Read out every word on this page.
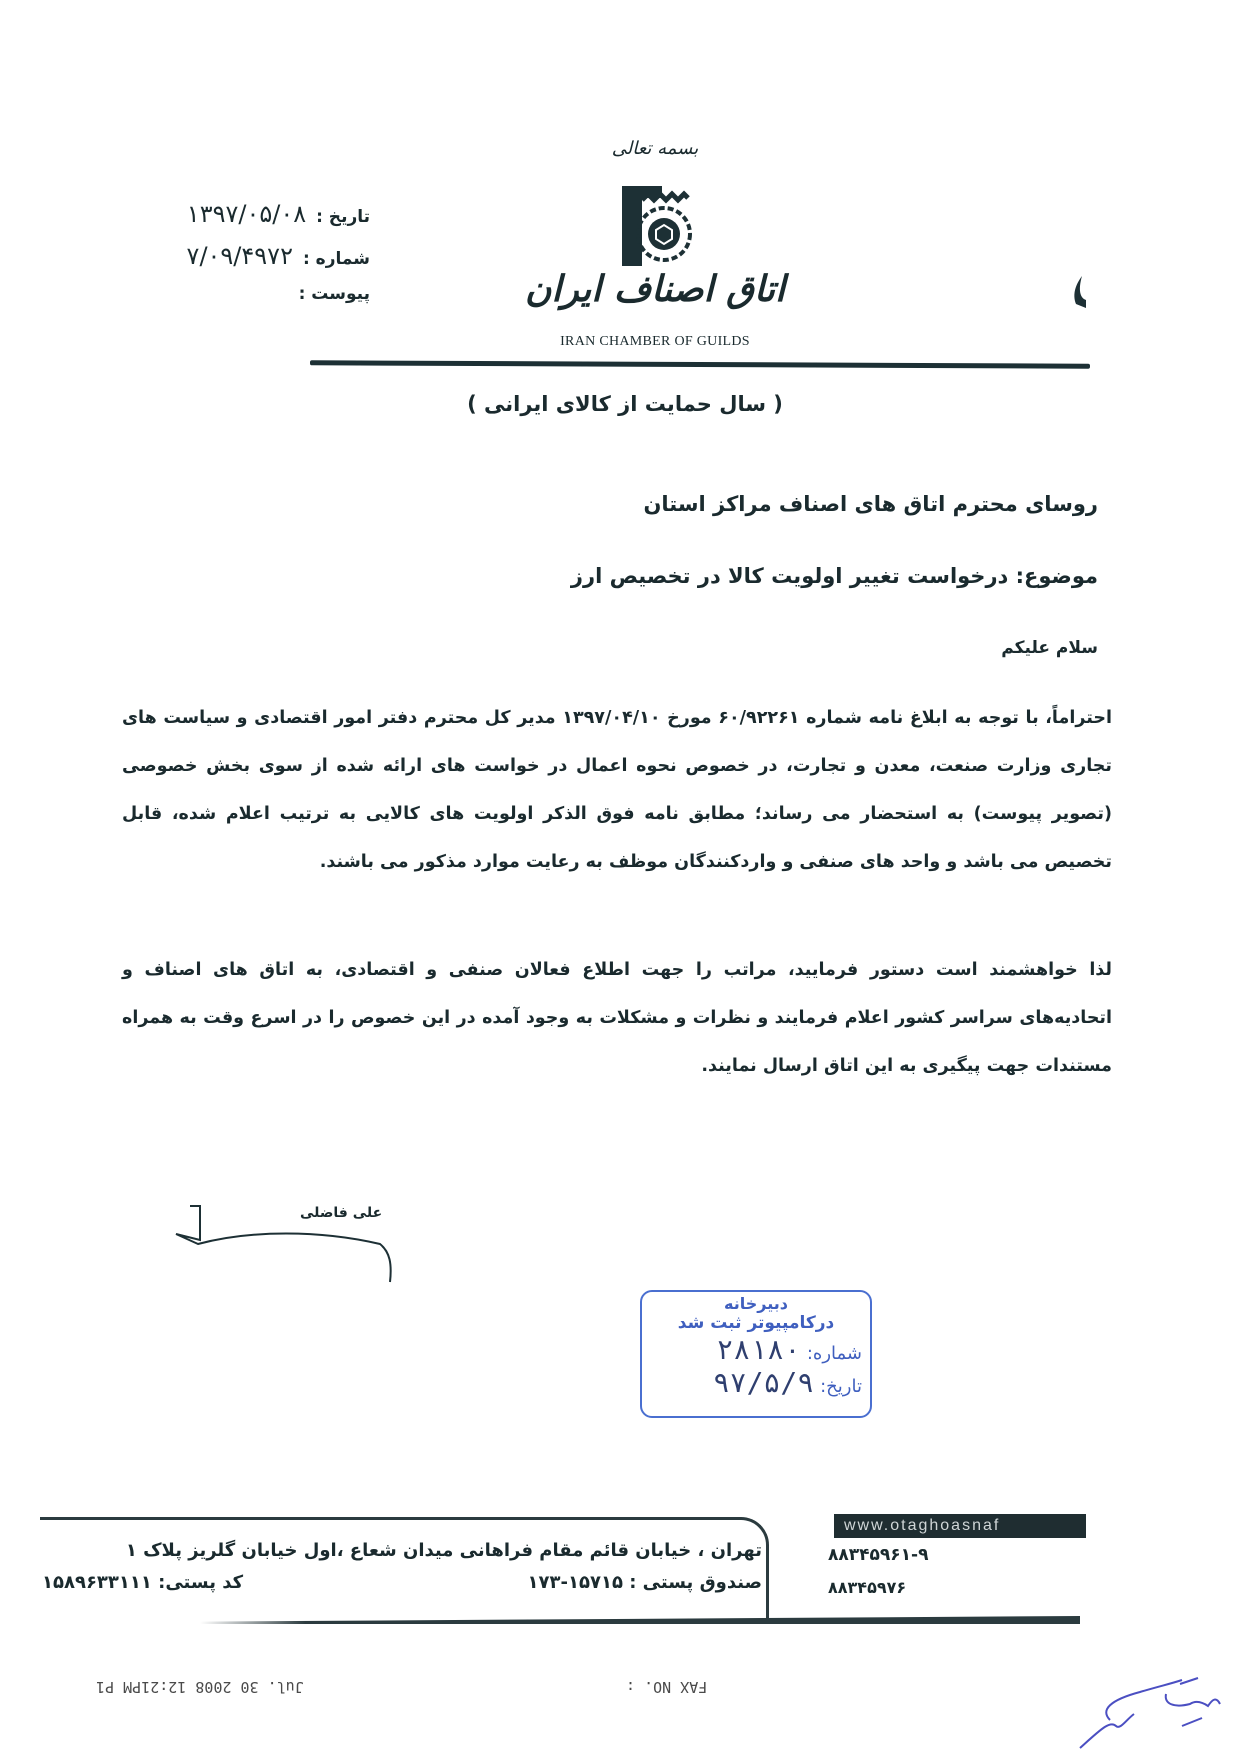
تاریخ :
۱۳۹۷/۰۵/۰۸
شماره :
۷/۰۹/۴۹۷۲
پیوست :
بسمه تعالی
اتاق اصناف ایران
IRAN CHAMBER OF GUILDS
( سال حمایت از کالای ایرانی )
روسای محترم اتاق های اصناف مراکز استان
موضوع: درخواست تغییر اولویت کالا در تخصیص ارز
سلام علیکم
احتراماً، با توجه به ابلاغ نامه شماره ۶۰/۹۲۲۶۱ مورخ ۱۳۹۷/۰۴/۱۰ مدیر کل محترم دفتر امور اقتصادی و سیاست های تجاری وزارت صنعت، معدن و تجارت، در خصوص نحوه اعمال در خواست های ارائه شده از سوی بخش خصوصی (تصویر پیوست) به استحضار می رساند؛ مطابق نامه فوق الذکر اولویت های کالایی به ترتیب اعلام شده، قابل تخصیص می باشد و واحد های صنفی و واردکنندگان موظف به رعایت موارد مذکور می باشند.
لذا خواهشمند است دستور فرمایید، مراتب را جهت اطلاع فعالان صنفی و اقتصادی، به اتاق های اصناف و اتحادیه‌های سراسر کشور اعلام فرمایند و نظرات و مشکلات به وجود آمده در این خصوص را در اسرع وقت به همراه مستندات جهت پیگیری به این اتاق ارسال نمایند.
علی فاضلی
دبیرخانه
درکامپیوتر ثبت شد
شماره:
۲۸۱۸۰
تاریخ:
۹۷/۵/۹
تهران ، خیابان قائم مقام فراهانی میدان شعاع ،اول خیابان گلریز پلاک ۱
صندوق پستی : ۱۵۷۱۵-۱۷۳
کد پستی: ۱۵۸۹۶۳۳۱۱۱
www.otaghoasnaf
۸۸۳۴۵۹۶۱-۹
۸۸۳۴۵۹۷۶
Jul. 30 2008 12:21PM P1	FAX NO. :
